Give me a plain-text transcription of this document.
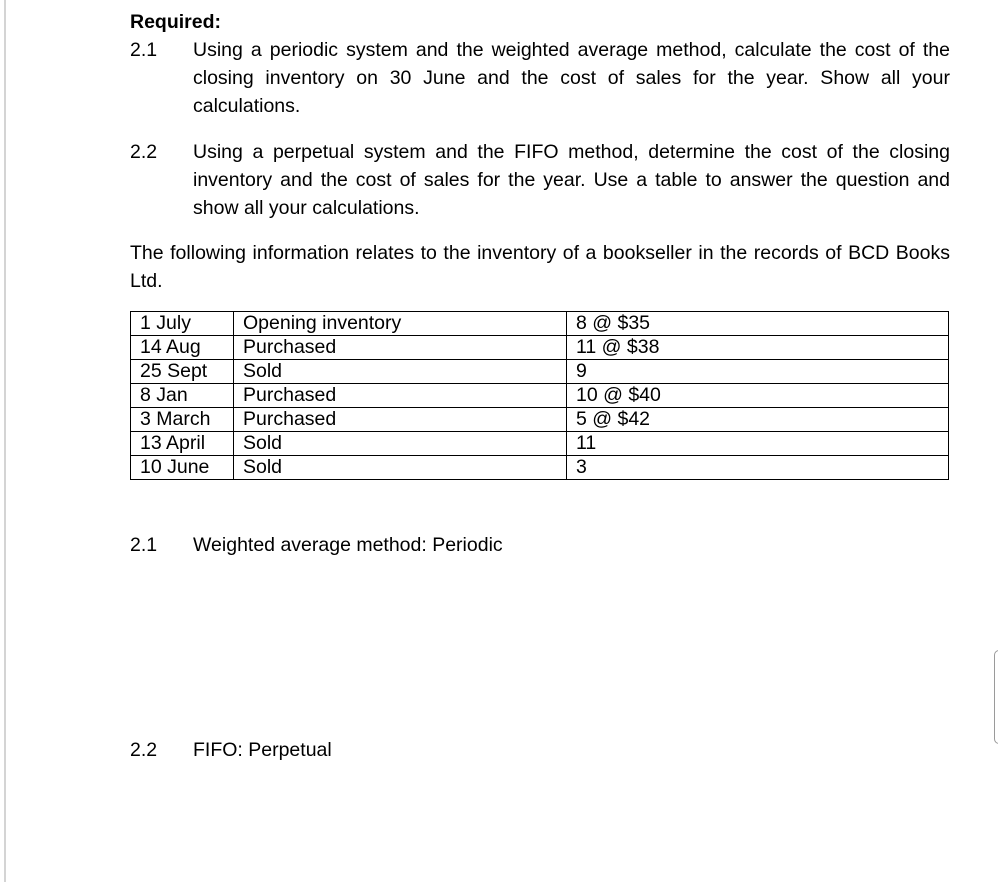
Required:

2.1	Using a periodic system and the weighted average method, calculate the cost of the closing inventory on 30 June and the cost of sales for the year. Show all your calculations.
2.2	Using a perpetual system and the FIFO method, determine the cost of the closing inventory and the cost of sales for the year. Use a table to answer the question and show all your calculations.

The following information relates to the inventory of a bookseller in the records of BCD Books Ltd.

1 July	Opening inventory	8 @ $35
14 Aug	Purchased	11 @ $38
25 Sept	Sold	9
8 Jan	Purchased	10 @ $40
3 March	Purchased	5 @ $42
13 April	Sold	11
10 June	Sold	3
2.1	Weighted average method: Periodic
2.2	FIFO: Perpetual
